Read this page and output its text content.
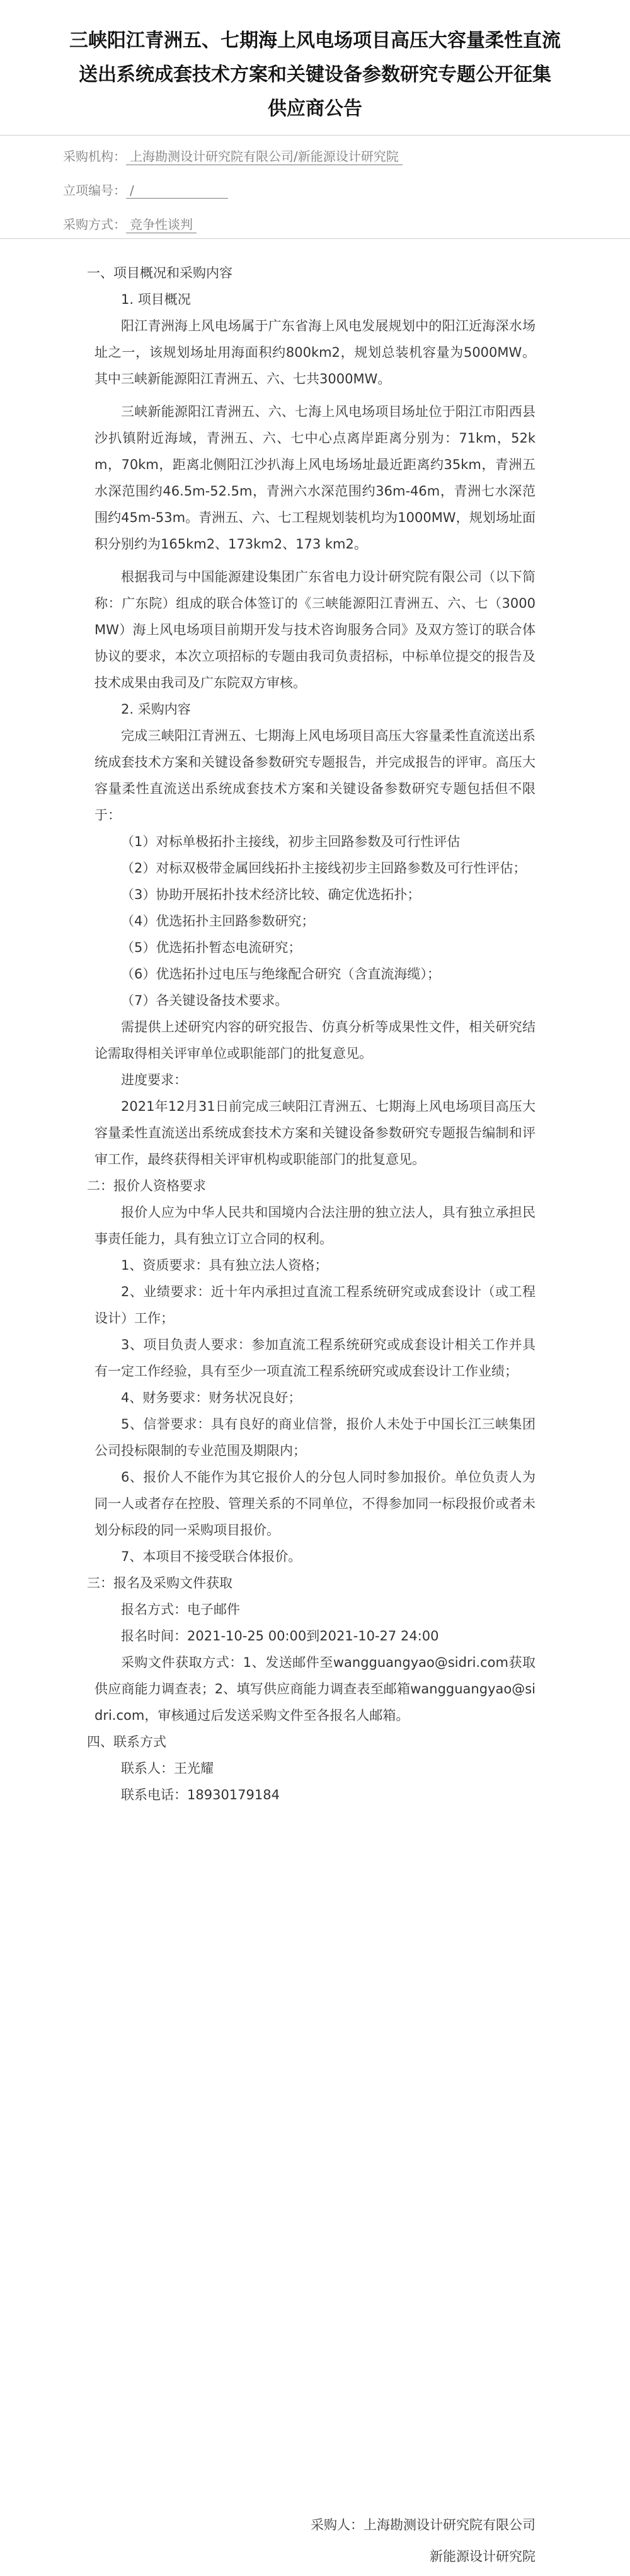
三峡阳江青洲五、七期海上风电场项目高压大容量柔性直流
送出系统成套技术方案和关键设备参数研究专题公开征集
供应商公告
采购机构： 上海勘测设计研究院有限公司/新能源设计研究院
立项编号： /
采购方式： 竞争性谈判

一、项目概况和采购内容

1. 项目概况

阳江青洲海上风电场属于广东省海上风电发展规划中的阳江近海深水场址之一，该规划场址用海面积约800km2，规划总装机容量为5000MW。其中三峡新能源阳江青洲五、六、七共3000MW。

三峡新能源阳江青洲五、六、七海上风电场项目场址位于阳江市阳西县沙扒镇附近海域，青洲五、六、七中心点离岸距离分别为：71km，52km，70km，距离北侧阳江沙扒海上风电场场址最近距离约35km，青洲五水深范围约46.5m-52.5m，青洲六水深范围约36m-46m，青洲七水深范围约45m-53m。青洲五、六、七工程规划装机均为1000MW，规划场址面积分别约为165km2、173km2、173 km2。

根据我司与中国能源建设集团广东省电力设计研究院有限公司（以下简称：广东院）组成的联合体签订的《三峡能源阳江青洲五、六、七（3000MW）海上风电场项目前期开发与技术咨询服务合同》及双方签订的联合体协议的要求，本次立项招标的专题由我司负责招标，中标单位提交的报告及技术成果由我司及广东院双方审核。

2. 采购内容

完成三峡阳江青洲五、七期海上风电场项目高压大容量柔性直流送出系统成套技术方案和关键设备参数研究专题报告，并完成报告的评审。高压大容量柔性直流送出系统成套技术方案和关键设备参数研究专题包括但不限于：

（1）对标单极拓扑主接线，初步主回路参数及可行性评估

（2）对标双极带金属回线拓扑主接线初步主回路参数及可行性评估；

（3）协助开展拓扑技术经济比较、确定优选拓扑；

（4）优选拓扑主回路参数研究；

（5）优选拓扑暂态电流研究；

（6）优选拓扑过电压与绝缘配合研究（含直流海缆）；

（7）各关键设备技术要求。

需提供上述研究内容的研究报告、仿真分析等成果性文件，相关研究结论需取得相关评审单位或职能部门的批复意见。

进度要求：

2021年12月31日前完成三峡阳江青洲五、七期海上风电场项目高压大容量柔性直流送出系统成套技术方案和关键设备参数研究专题报告编制和评审工作，最终获得相关评审机构或职能部门的批复意见。

二：报价人资格要求

报价人应为中华人民共和国境内合法注册的独立法人，具有独立承担民事责任能力，具有独立订立合同的权利。

1、资质要求：具有独立法人资格；

2、业绩要求：近十年内承担过直流工程系统研究或成套设计（或工程设计）工作；

3、项目负责人要求：参加直流工程系统研究或成套设计相关工作并具有一定工作经验，具有至少一项直流工程系统研究或成套设计工作业绩；

4、财务要求：财务状况良好；

5、信誉要求：具有良好的商业信誉，报价人未处于中国长江三峡集团公司投标限制的专业范围及期限内；

6、报价人不能作为其它报价人的分包人同时参加报价。单位负责人为同一人或者存在控股、管理关系的不同单位，不得参加同一标段报价或者未划分标段的同一采购项目报价。

7、本项目不接受联合体报价。

三：报名及采购文件获取

报名方式：电子邮件

报名时间：2021-10-25 00:00到2021-10-27 24:00

采购文件获取方式：1、发送邮件至wangguangyao@sidri.com获取供应商能力调查表；2、填写供应商能力调查表至邮箱wangguangyao@sidri.com，审核通过后发送采购文件至各报名人邮箱。

四、联系方式

联系人：王光耀

联系电话：18930179184

采购人：上海勘测设计研究院有限公司

新能源设计研究院
